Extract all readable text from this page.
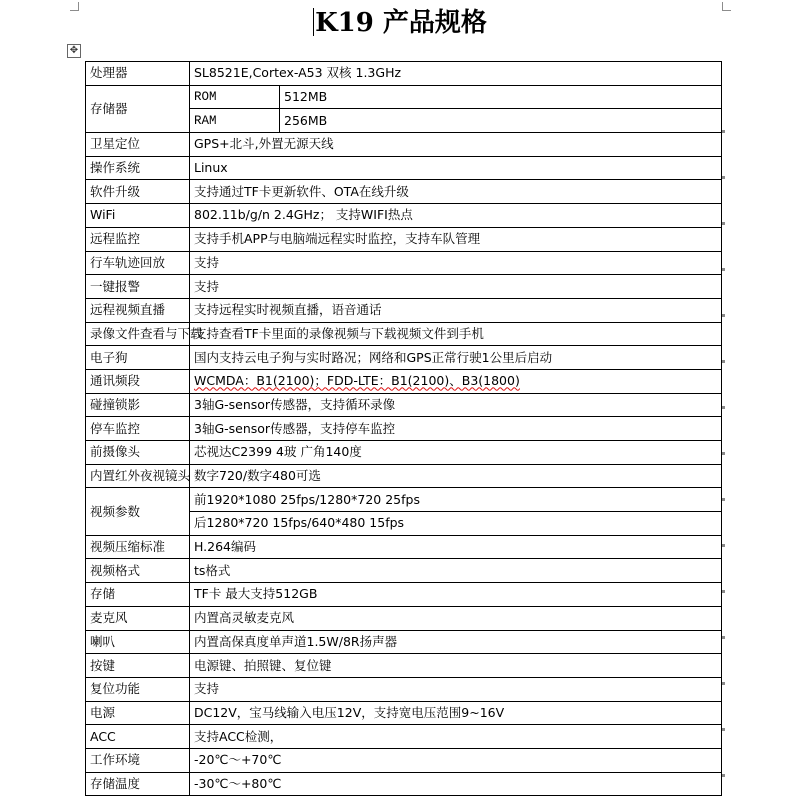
K19 产品规格
✥
处理器	SL8521E,Cortex-A53 双核 1.3GHz	
存储器	ROM	512MB
	RAM	256MB
卫星定位	GPS+北斗,外置无源天线	
操作系统	Linux	
软件升级	支持通过TF卡更新软件、OTA在线升级	
WiFi	802.11b/g/n 2.4GHz； 支持WIFI热点	
远程监控	支持手机APP与电脑端远程实时监控，支持车队管理	
行车轨迹回放	支持	
一键报警	支持	
远程视频直播	支持远程实时视频直播，语音通话	
录像文件查看与下载	支持查看TF卡里面的录像视频与下载视频文件到手机	
电子狗	国内支持云电子狗与实时路况；网络和GPS正常行驶1公里后启动	
通讯频段	WCMDA：B1(2100)；FDD-LTE：B1(2100)、B3(1800)	
碰撞锁影	3轴G-sensor传感器，支持循环录像	
停车监控	3轴G-sensor传感器，支持停车监控	
前摄像头	芯视达C2399 4玻 广角140度	
内置红外夜视镜头	数字720/数字480可选	
视频参数	前1920*1080 25fps/1280*720 25fps	
	后1280*720 15fps/640*480 15fps	
视频压缩标准	H.264编码	
视频格式	ts格式	
存储	TF卡 最大支持512GB	
麦克风	内置高灵敏麦克风	
喇叭	内置高保真度单声道1.5W/8R扬声器	
按键	电源键、拍照键、复位键	
复位功能	支持	
电源	DC12V，宝马线输入电压12V，支持宽电压范围9~16V	
ACC	支持ACC检测，	
工作环境	-20℃～+70℃	
存储温度	-30℃～+80℃	
